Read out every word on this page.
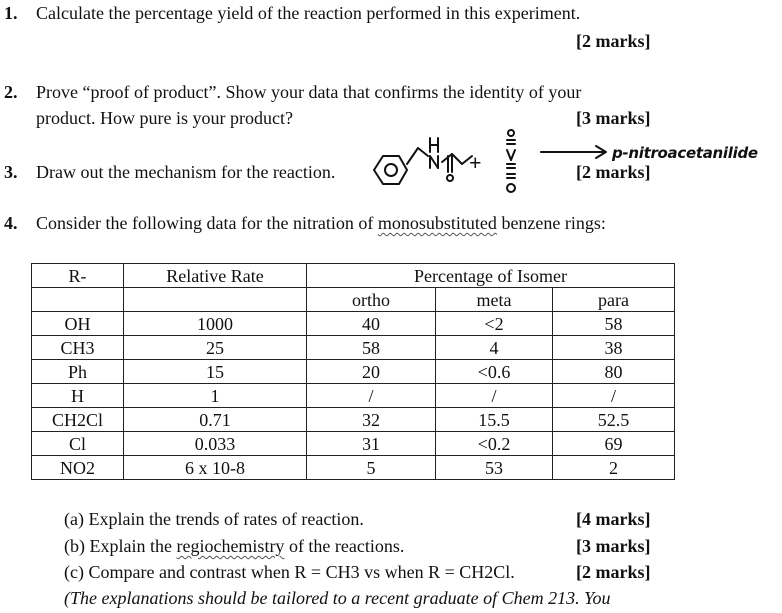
1. Calculate the percentage yield of the reaction performed in this experiment.
[2 marks]
2. Prove “proof of product”. Show your data that confirms the identity of your
product. How pure is your product?	[3 marks]
3. Draw out the mechanism for the reaction.	[2 marks]
+	p-nitroacetanilide
4. Consider the following data for the nitration of monosubstituted benzene rings:
R-	Relative Rate	Percentage of Isomer		
		ortho	meta	para
OH	1000	40	<2	58
CH3	25	58	4	38
Ph	15	20	<0.6	80
H	1	/	/	/
CH2Cl	0.71	32	15.5	52.5
Cl	0.033	31	<0.2	69
NO2	6 x 10-8	5	53	2
(a) Explain the trends of rates of reaction.	[4 marks]
(b) Explain the regiochemistry of the reactions.	[3 marks]
(c) Compare and contrast when R = CH3 vs when R = CH2Cl.	[2 marks]
(The explanations should be tailored to a recent graduate of Chem 213. You
